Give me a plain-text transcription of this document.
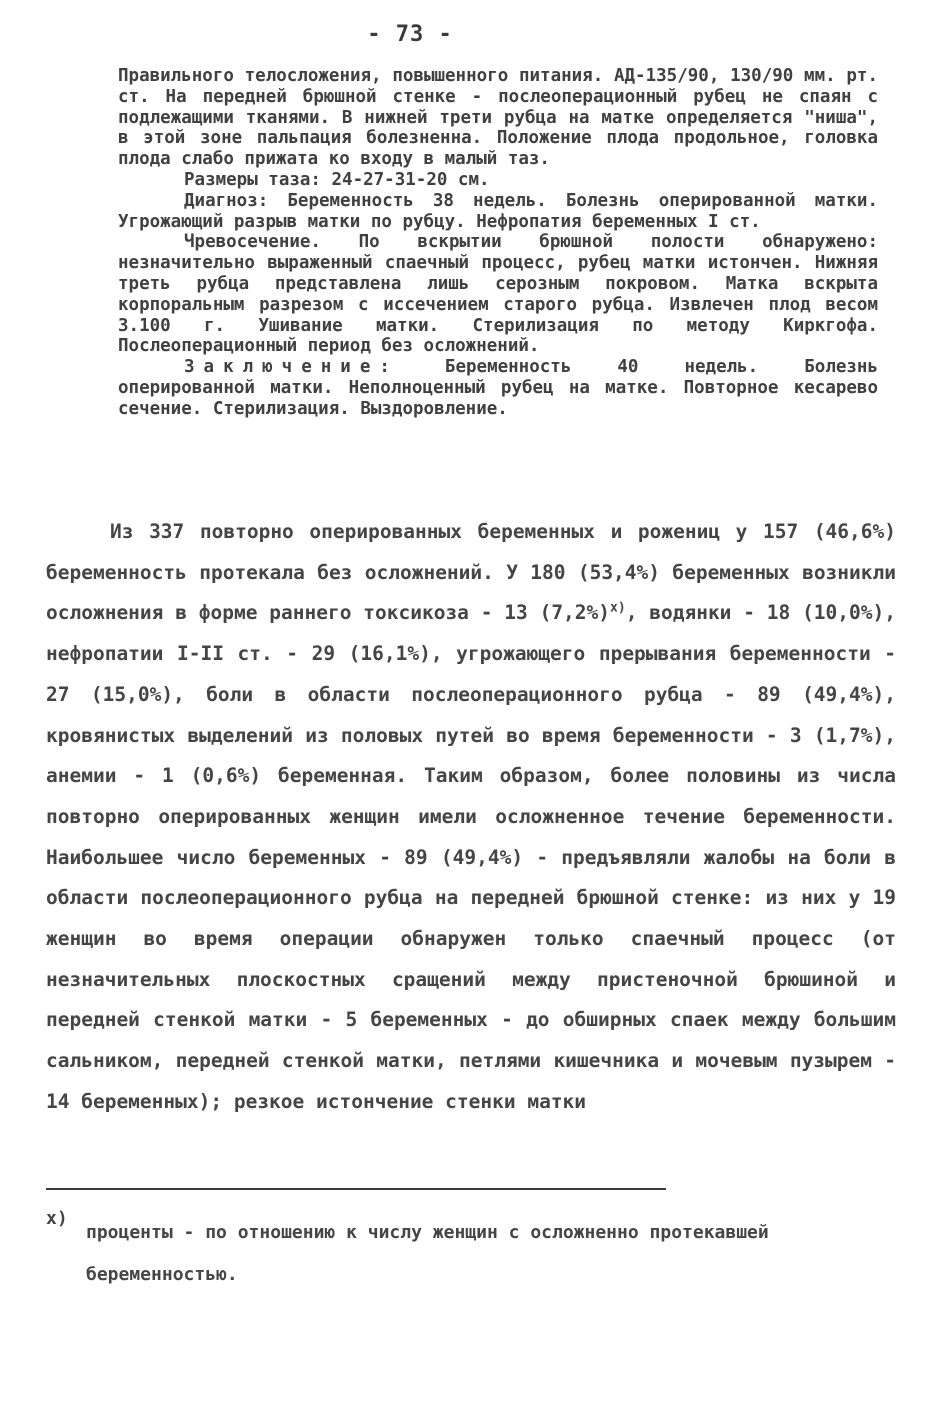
- 73 -

Правильного телосложения, повышенного питания. АД-135/90, 130/90 мм. рт. ст. На передней брюшной стенке - послеоперационный рубец не спаян с подлежащими тканями. В нижней трети рубца на матке определяется "ниша", в этой зоне пальпация болезненна. Положение плода продольное, головка плода слабо прижата ко входу в малый таз.

Размеры таза: 24-27-31-20 см.

Диагноз: Беременность 38 недель. Болезнь оперированной матки. Угрожающий разрыв матки по рубцу. Нефропатия беременных I ст.

Чревосечение. По вскрытии брюшной полости обнаружено: незначительно выраженный спаечный процесс, рубец матки истончен. Нижняя треть рубца представлена лишь серозным покровом. Матка вскрыта корпоральным разрезом с иссечением старого рубца. Извлечен плод весом 3.100 г. Ушивание матки. Стерилизация по методу Киркгофа. Послеоперационный период без осложнений.

Заключение: Беременность 40 недель. Болезнь оперированной матки. Неполноценный рубец на матке. Повторное кесарево сечение. Стерилизация. Выздоровление.

Из 337 повторно оперированных беременных и рожениц у 157 (46,6%) беременность протекала без осложнений. У 180 (53,4%) беременных возникли осложнения в форме раннего токсикоза - 13 $(7,2\%)^{x)}$, водянки - 18 (10,0%), нефропатии I-II ст. - 29 (16,1%), угрожающего прерывания беременности - 27 (15,0%), боли в области послеоперационного рубца - 89 (49,4%), кровянистых выделений из половых путей во время беременности - 3 (1,7%), анемии - 1 (0,6%) беременная. Таким образом, более половины из числа повторно оперированных женщин имели осложненное течение беременности. Наибольшее число беременных - 89 (49,4%) - предъявляли жалобы на боли в области послеоперационного рубца на передней брюшной стенке: из них у 19 женщин во время операции обнаружен только спаечный процесс (от незначительных плоскостных сращений между пристеночной брюшиной и передней стенкой матки - 5 беременных - до обширных спаек между большим сальником, передней стенкой матки, петлями кишечника и мочевым пузырем - 14 беременных); резкое истончение стенки матки

x)
проценты - по отношению к числу женщин с осложненно протекавшей беременностью.
